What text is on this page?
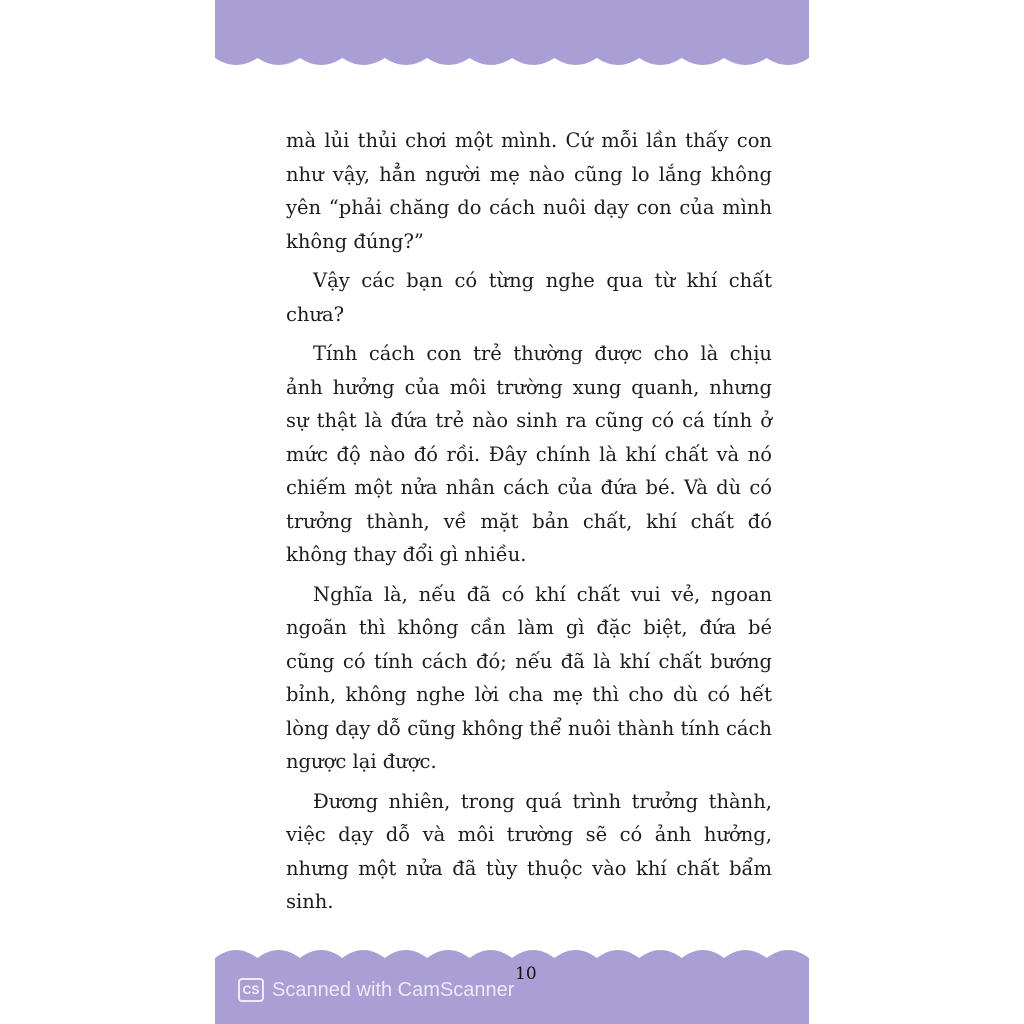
mà lủi thủi chơi một mình. Cứ mỗi lần thấy con như vậy, hẳn người mẹ nào cũng lo lắng không yên “phải chăng do cách nuôi dạy con của mình không đúng?”

Vậy các bạn có từng nghe qua từ khí chất chưa?

Tính cách con trẻ thường được cho là chịu ảnh hưởng của môi trường xung quanh, nhưng sự thật là đứa trẻ nào sinh ra cũng có cá tính ở mức độ nào đó rồi. Đây chính là khí chất và nó chiếm một nửa nhân cách của đứa bé. Và dù có trưởng thành, về mặt bản chất, khí chất đó không thay đổi gì nhiều.

Nghĩa là, nếu đã có khí chất vui vẻ, ngoan ngoãn thì không cần làm gì đặc biệt, đứa bé cũng có tính cách đó; nếu đã là khí chất bướng bỉnh, không nghe lời cha mẹ thì cho dù có hết lòng dạy dỗ cũng không thể nuôi thành tính cách ngược lại được.

Đương nhiên, trong quá trình trưởng thành, việc dạy dỗ và môi trường sẽ có ảnh hưởng, nhưng một nửa đã tùy thuộc vào khí chất bẩm sinh.

10
CS Scanned with CamScanner
